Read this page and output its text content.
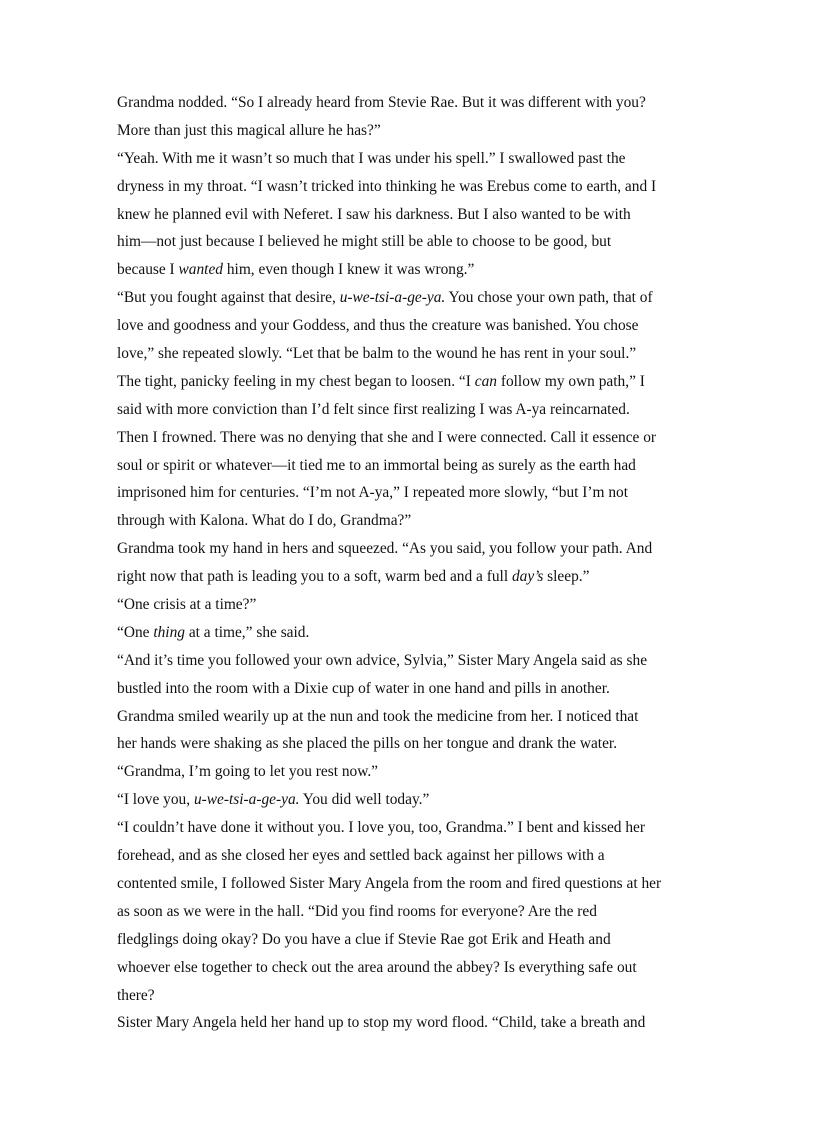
Grandma nodded. “So I already heard from Stevie Rae. But it was different with you?
More than just this magical allure he has?”
“Yeah. With me it wasn’t so much that I was under his spell.” I swallowed past the
dryness in my throat. “I wasn’t tricked into thinking he was Erebus come to earth, and I
knew he planned evil with Neferet. I saw his darkness. But I also wanted to be with
him—not just because I believed he might still be able to choose to be good, but
because I wanted him, even though I knew it was wrong.”
“But you fought against that desire, u-we-tsi-a-ge-ya. You chose your own path, that of
love and goodness and your Goddess, and thus the creature was banished. You chose
love,” she repeated slowly. “Let that be balm to the wound he has rent in your soul.”
The tight, panicky feeling in my chest began to loosen. “I can follow my own path,” I
said with more conviction than I’d felt since first realizing I was A-ya reincarnated.
Then I frowned. There was no denying that she and I were connected. Call it essence or
soul or spirit or whatever—it tied me to an immortal being as surely as the earth had
imprisoned him for centuries. “I’m not A-ya,” I repeated more slowly, “but I’m not
through with Kalona. What do I do, Grandma?”
Grandma took my hand in hers and squeezed. “As you said, you follow your path. And
right now that path is leading you to a soft, warm bed and a full day’s sleep.”
“One crisis at a time?”
“One thing at a time,” she said.
“And it’s time you followed your own advice, Sylvia,” Sister Mary Angela said as she
bustled into the room with a Dixie cup of water in one hand and pills in another.
Grandma smiled wearily up at the nun and took the medicine from her. I noticed that
her hands were shaking as she placed the pills on her tongue and drank the water.
“Grandma, I’m going to let you rest now.”
“I love you, u-we-tsi-a-ge-ya. You did well today.”
“I couldn’t have done it without you. I love you, too, Grandma.” I bent and kissed her
forehead, and as she closed her eyes and settled back against her pillows with a
contented smile, I followed Sister Mary Angela from the room and fired questions at her
as soon as we were in the hall. “Did you find rooms for everyone? Are the red
fledglings doing okay? Do you have a clue if Stevie Rae got Erik and Heath and
whoever else together to check out the area around the abbey? Is everything safe out
there?
Sister Mary Angela held her hand up to stop my word flood. “Child, take a breath and
